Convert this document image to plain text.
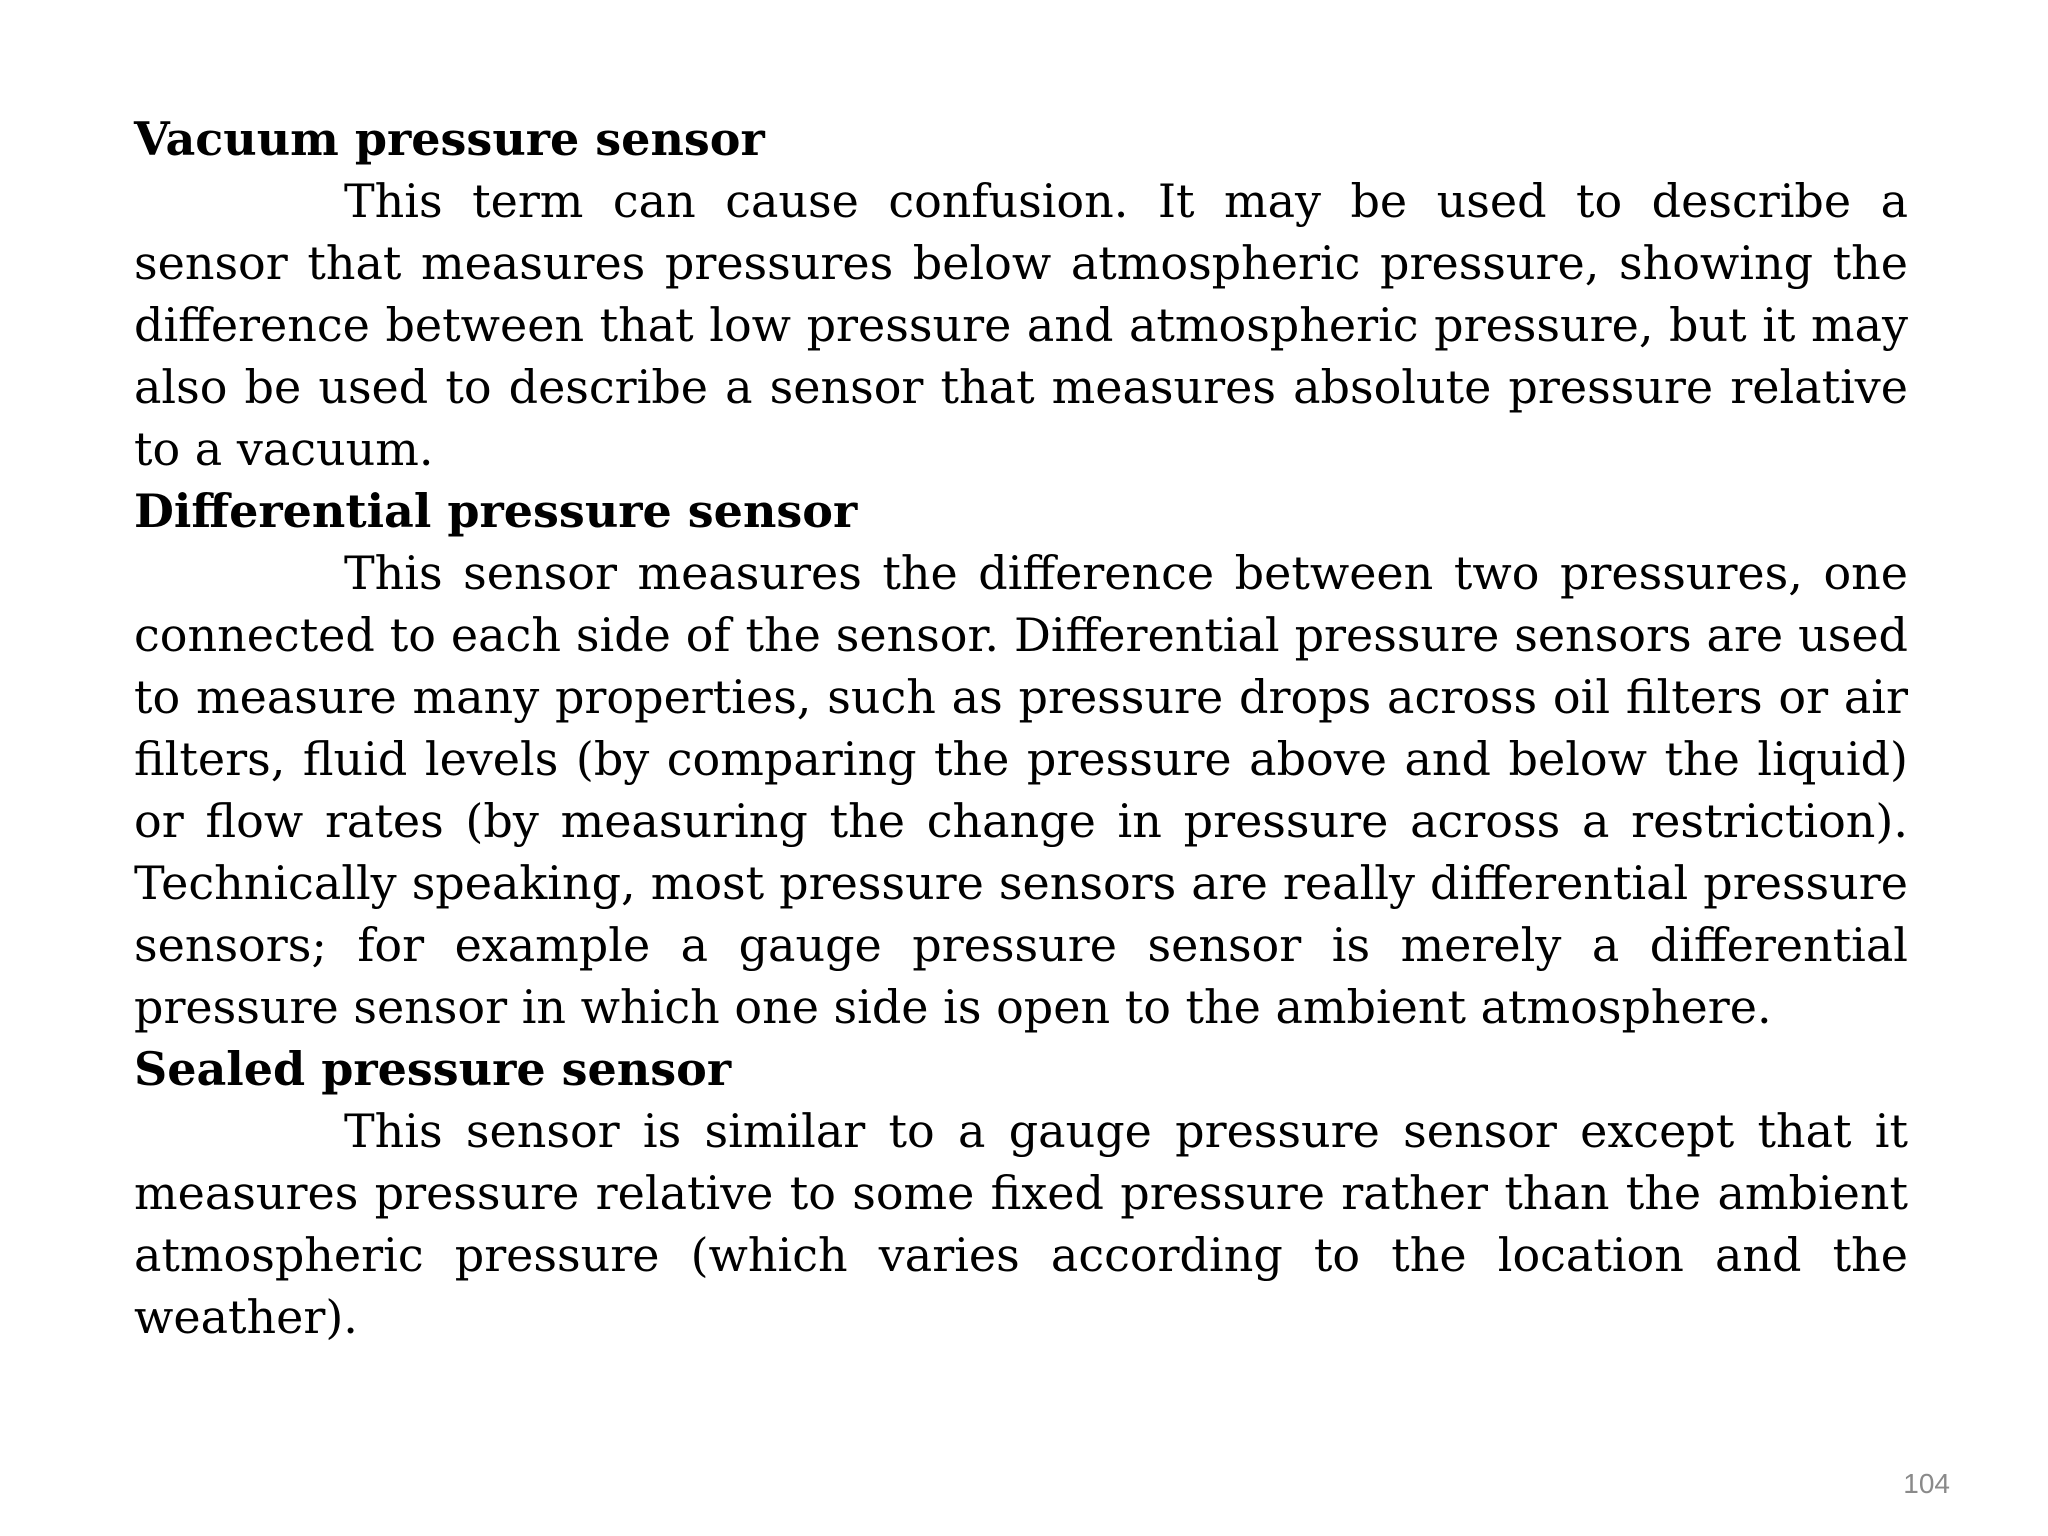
Vacuum pressure sensor

This term can cause confusion. It may be used to describe a sensor that measures pressures below atmospheric pressure, showing the difference between that low pressure and atmospheric pressure, but it may also be used to describe a sensor that measures absolute pressure relative to a vacuum.

Differential pressure sensor

This sensor measures the difference between two pressures, one connected to each side of the sensor. Differential pressure sensors are used to measure many properties, such as pressure drops across oil filters or air filters, fluid levels (by comparing the pressure above and below the liquid) or flow rates (by measuring the change in pressure across a restriction). Technically speaking, most pressure sensors are really differential pressure sensors; for example a gauge pressure sensor is merely a differential pressure sensor in which one side is open to the ambient atmosphere.

Sealed pressure sensor

This sensor is similar to a gauge pressure sensor except that it measures pressure relative to some fixed pressure rather than the ambient atmospheric pressure (which varies according to the location and the weather).

104
